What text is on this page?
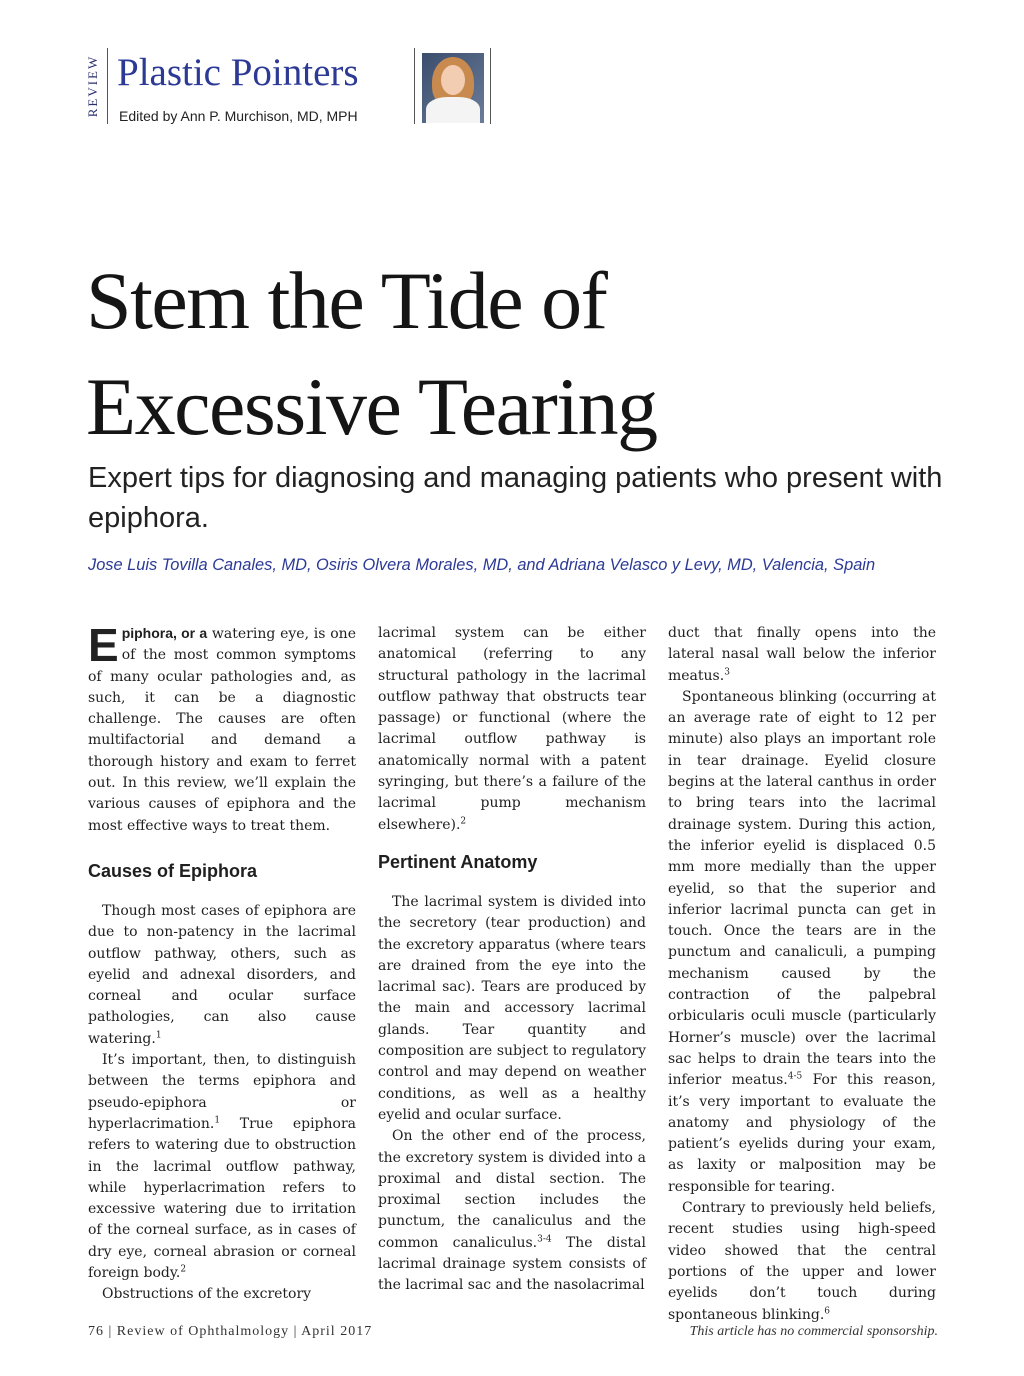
REVIEW Plastic Pointers
Edited by Ann P. Murchison, MD, MPH
Stem the Tide of
Excessive Tearing
Expert tips for diagnosing and managing patients who present with epiphora.
Jose Luis Tovilla Canales, MD, Osiris Olvera Morales, MD, and Adriana Velasco y Levy, MD, Valencia, Spain

Epiphora, or a watering eye, is one of the most common symptoms of many ocular pathologies and, as such, it can be a diagnostic challenge. The causes are often multifactorial and demand a thorough history and exam to ferret out. In this review, we’ll explain the various causes of epiphora and the most effective ways to treat them.

Causes of Epiphora

Though most cases of epiphora are due to non-patency in the lacrimal outflow pathway, others, such as eyelid and adnexal disorders, and corneal and ocular surface pathologies, can also cause watering.$^1$

It’s important, then, to distinguish between the terms epiphora and pseudo-epiphora or hyperlacrimation.$^1$ True epiphora refers to watering due to obstruction in the lacrimal outflow pathway, while hyperlacrimation refers to excessive watering due to irritation of the corneal surface, as in cases of dry eye, corneal abrasion or corneal foreign body.$^2$

Obstructions of the excretory

lacrimal system can be either anatomical (referring to any structural pathology in the lacrimal outflow pathway that obstructs tear passage) or functional (where the lacrimal outflow pathway is anatomically normal with a patent syringing, but there’s a failure of the lacrimal pump mechanism elsewhere).$^2$

Pertinent Anatomy

The lacrimal system is divided into the secretory (tear production) and the excretory apparatus (where tears are drained from the eye into the lacrimal sac). Tears are produced by the main and accessory lacrimal glands. Tear quantity and composition are subject to regulatory control and may depend on weather conditions, as well as a healthy eyelid and ocular surface.

On the other end of the process, the excretory system is divided into a proximal and distal section. The proximal section includes the punctum, the canaliculus and the common canaliculus.$^{3-4}$ The distal lacrimal drainage system consists of the lacrimal sac and the nasolacrimal

duct that finally opens into the lateral nasal wall below the inferior meatus.$^3$

Spontaneous blinking (occurring at an average rate of eight to 12 per minute) also plays an important role in tear drainage. Eyelid closure begins at the lateral canthus in order to bring tears into the lacrimal drainage system. During this action, the inferior eyelid is displaced 0.5 mm more medially than the upper eyelid, so that the superior and inferior lacrimal puncta can get in touch. Once the tears are in the punctum and canaliculi, a pumping mechanism caused by the contraction of the palpebral orbicularis oculi muscle (particularly Horner’s muscle) over the lacrimal sac helps to drain the tears into the inferior meatus.$^{4-5}$ For this reason, it’s very important to evaluate the anatomy and physiology of the patient’s eyelids during your exam, as laxity or malposition may be responsible for tearing.

Contrary to previously held beliefs, recent studies using high-speed video showed that the central portions of the upper and lower eyelids don’t touch during spontaneous blinking.$^6$

76 | Review of Ophthalmology | April 2017	This article has no commercial sponsorship.
